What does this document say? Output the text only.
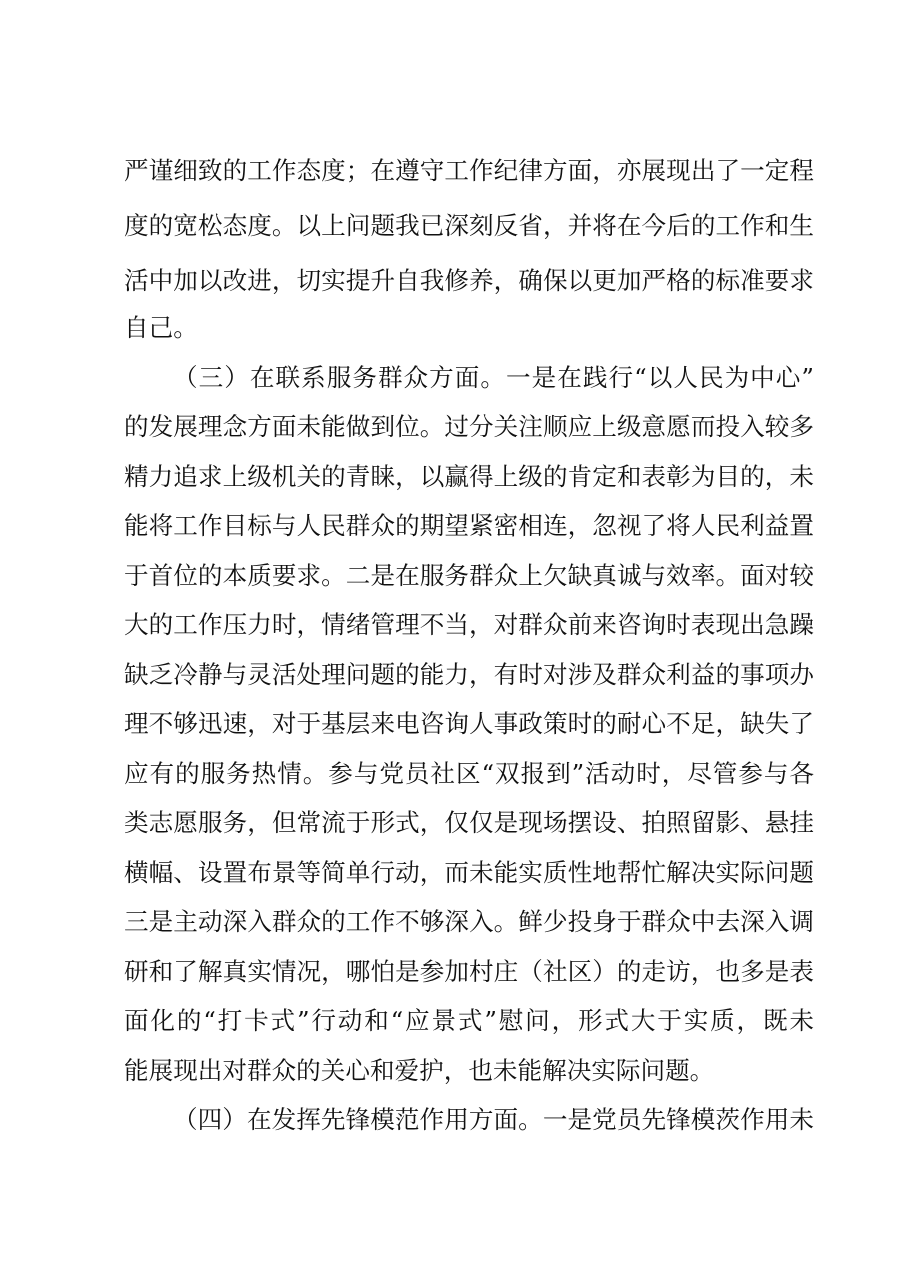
严谨细致的工作态度；在遵守工作纪律方面，亦展现出了一定程
度的宽松态度。以上问题我已深刻反省，并将在今后的工作和生
活中加以改进，切实提升自我修养，确保以更加严格的标准要求
自己。
（三）在联系服务群众方面。一是在践行“以人民为中心”
的发展理念方面未能做到位。过分关注顺应上级意愿而投入较多
精力追求上级机关的青睐，以赢得上级的肯定和表彰为目的，未
能将工作目标与人民群众的期望紧密相连，忽视了将人民利益置
于首位的本质要求。二是在服务群众上欠缺真诚与效率。面对较
大的工作压力时，情绪管理不当，对群众前来咨询时表现出急躁
缺乏冷静与灵活处理问题的能力，有时对涉及群众利益的事项办
理不够迅速，对于基层来电咨询人事政策时的耐心不足，缺失了
应有的服务热情。参与党员社区“双报到”活动时，尽管参与各
类志愿服务，但常流于形式，仅仅是现场摆设、拍照留影、悬挂
横幅、设置布景等简单行动，而未能实质性地帮忙解决实际问题
三是主动深入群众的工作不够深入。鲜少投身于群众中去深入调
研和了解真实情况，哪怕是参加村庄（社区）的走访，也多是表
面化的“打卡式”行动和“应景式”慰问，形式大于实质，既未
能展现出对群众的关心和爱护，也未能解决实际问题。
（四）在发挥先锋模范作用方面。一是党员先锋模茨作用未
